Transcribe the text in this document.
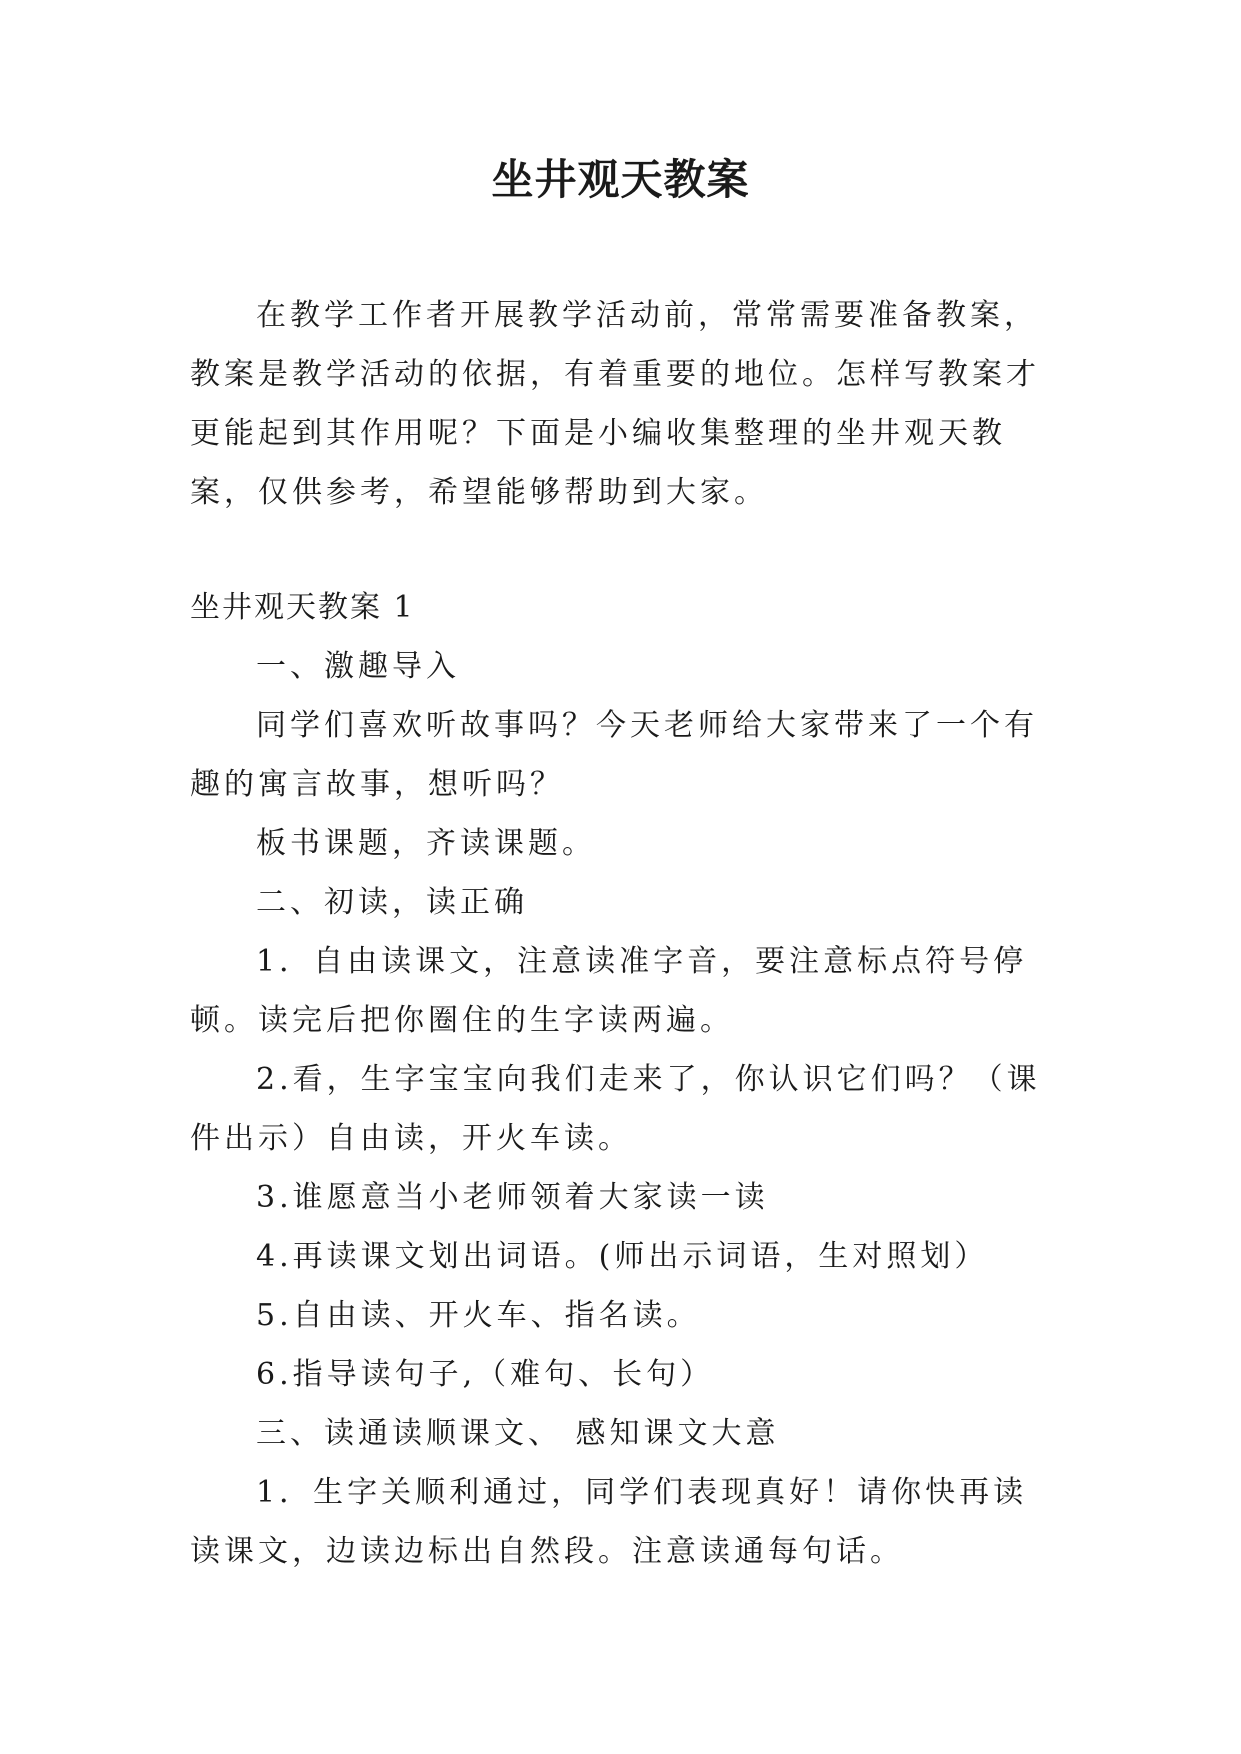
坐井观天教案

在教学工作者开展教学活动前，常常需要准备教案，教案是教学活动的依据，有着重要的地位。怎样写教案才更能起到其作用呢？下面是小编收集整理的坐井观天教案，仅供参考，希望能够帮助到大家。

坐井观天教案 1

一、激趣导入

同学们喜欢听故事吗？今天老师给大家带来了一个有趣的寓言故事，想听吗？

板书课题，齐读课题。

二、初读，读正确

1．自由读课文，注意读准字音，要注意标点符号停顿。读完后把你圈住的生字读两遍。

2.看，生字宝宝向我们走来了，你认识它们吗？（课件出示）自由读，开火车读。

3.谁愿意当小老师领着大家读一读

4.再读课文划出词语。(师出示词语，生对照划）

5.自由读、开火车、指名读。

6.指导读句子,（难句、长句）

三、读通读顺课文、 感知课文大意

1．生字关顺利通过，同学们表现真好！请你快再读读课文，边读边标出自然段。注意读通每句话。
